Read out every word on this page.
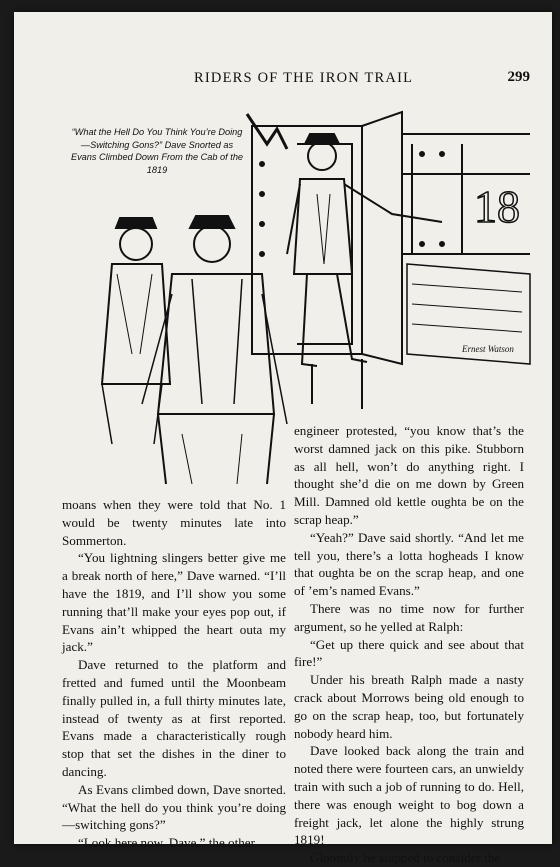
RIDERS OF THE IRON TRAIL	299
18
Ernest Watson
“What the Hell Do You Think You’re Doing—Switching Gons?” Dave Snorted as Evans Climbed Down From the Cab of the 1819

moans when they were told that No. 1 would be twenty minutes late into Sommerton.

“You lightning slingers better give me a break north of here,” Dave warned. “I’ll have the 1819, and I’ll show you some running that’ll make your eyes pop out, if Evans ain’t whipped the heart outa my jack.”

Dave returned to the platform and fretted and fumed until the Moonbeam finally pulled in, a full thirty minutes late, instead of twenty as at first reported. Evans made a characteristically rough stop that set the dishes in the diner to dancing.

As Evans climbed down, Dave snorted. “What the hell do you think you’re doing—switching gons?”

“Look here now, Dave,” the other

engineer protested, “you know that’s the worst damned jack on this pike. Stubborn as all hell, won’t do anything right. I thought she’d die on me down by Green Mill. Damned old kettle oughta be on the scrap heap.”

“Yeah?” Dave said shortly. “And let me tell you, there’s a lotta hogheads I know that oughta be on the scrap heap, and one of ’em’s named Evans.”

There was no time now for further argument, so he yelled at Ralph:

“Get up there quick and see about that fire!”

Under his breath Ralph made a nasty crack about Morrows being old enough to go on the scrap heap, too, but fortunately nobody heard him.

Dave looked back along the train and noted there were fourteen cars, an unwieldy train with such a job of running to do. Hell, there was enough weight to bog down a freight jack, let alone the highly strung 1819!

Gloomily he stopped to consider the
